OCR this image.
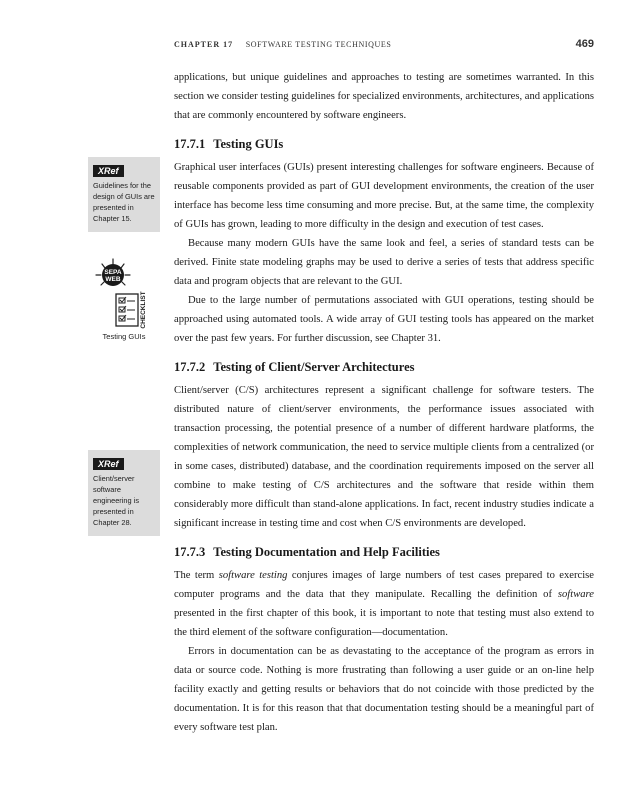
CHAPTER 17 SOFTWARE TESTING TECHNIQUES	469
XRef
Guidelines for the design of GUIs are presented in Chapter 15.
SEPA
WEB
CHECKLIST
Testing GUIs
XRef
Client/server software engineering is presented in Chapter 28.

applications, but unique guidelines and approaches to testing are sometimes warranted. In this section we consider testing guidelines for specialized environments, architectures, and applications that are commonly encountered by software engineers.

17.7.1 Testing GUIs

Graphical user interfaces (GUIs) present interesting challenges for software engineers. Because of reusable components provided as part of GUI development environments, the creation of the user interface has become less time consuming and more precise. But, at the same time, the complexity of GUIs has grown, leading to more difficulty in the design and execution of test cases.

Because many modern GUIs have the same look and feel, a series of standard tests can be derived. Finite state modeling graphs may be used to derive a series of tests that address specific data and program objects that are relevant to the GUI.

Due to the large number of permutations associated with GUI operations, testing should be approached using automated tools. A wide array of GUI testing tools has appeared on the market over the past few years. For further discussion, see Chapter 31.

17.7.2 Testing of Client/Server Architectures

Client/server (C/S) architectures represent a significant challenge for software testers. The distributed nature of client/server environments, the performance issues associated with transaction processing, the potential presence of a number of different hardware platforms, the complexities of network communication, the need to service multiple clients from a centralized (or in some cases, distributed) database, and the coordination requirements imposed on the server all combine to make testing of C/S architectures and the software that reside within them considerably more difficult than stand-alone applications. In fact, recent industry studies indicate a significant increase in testing time and cost when C/S environments are developed.

17.7.3 Testing Documentation and Help Facilities

The term software testing conjures images of large numbers of test cases prepared to exercise computer programs and the data that they manipulate. Recalling the definition of software presented in the first chapter of this book, it is important to note that testing must also extend to the third element of the software configuration—documentation.

Errors in documentation can be as devastating to the acceptance of the program as errors in data or source code. Nothing is more frustrating than following a user guide or an on-line help facility exactly and getting results or behaviors that do not coincide with those predicted by the documentation. It is for this reason that that documentation testing should be a meaningful part of every software test plan.
